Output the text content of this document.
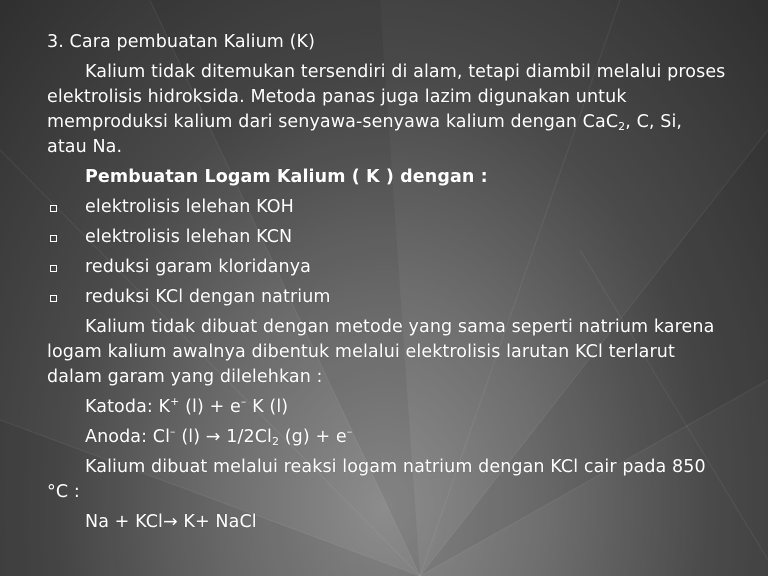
3. Cara pembuatan Kalium (K)

Kalium tidak ditemukan tersendiri di alam, tetapi diambil melalui proses elektrolisis hidroksida. Metoda panas juga lazim digunakan untuk memproduksi kalium dari senyawa-senyawa kalium dengan CaC$_2$, C, Si, atau Na.

Pembuatan Logam Kalium ( K ) dengan :

elektrolisis lelehan KOH
elektrolisis lelehan KCN
reduksi garam kloridanya
reduksi KCl dengan natrium

Kalium tidak dibuat dengan metode yang sama seperti natrium karena logam kalium awalnya dibentuk melalui elektrolisis larutan KCl terlarut dalam garam yang dilelehkan :

Katoda: K+ (l) + e– K (l)

Anoda: Cl– $(l) \to 1/2Cl_2$ (g) + e–

Kalium dibuat melalui reaksi logam natrium dengan KCl cair pada 850 °C :

Na + KCl→ K+ NaCl
